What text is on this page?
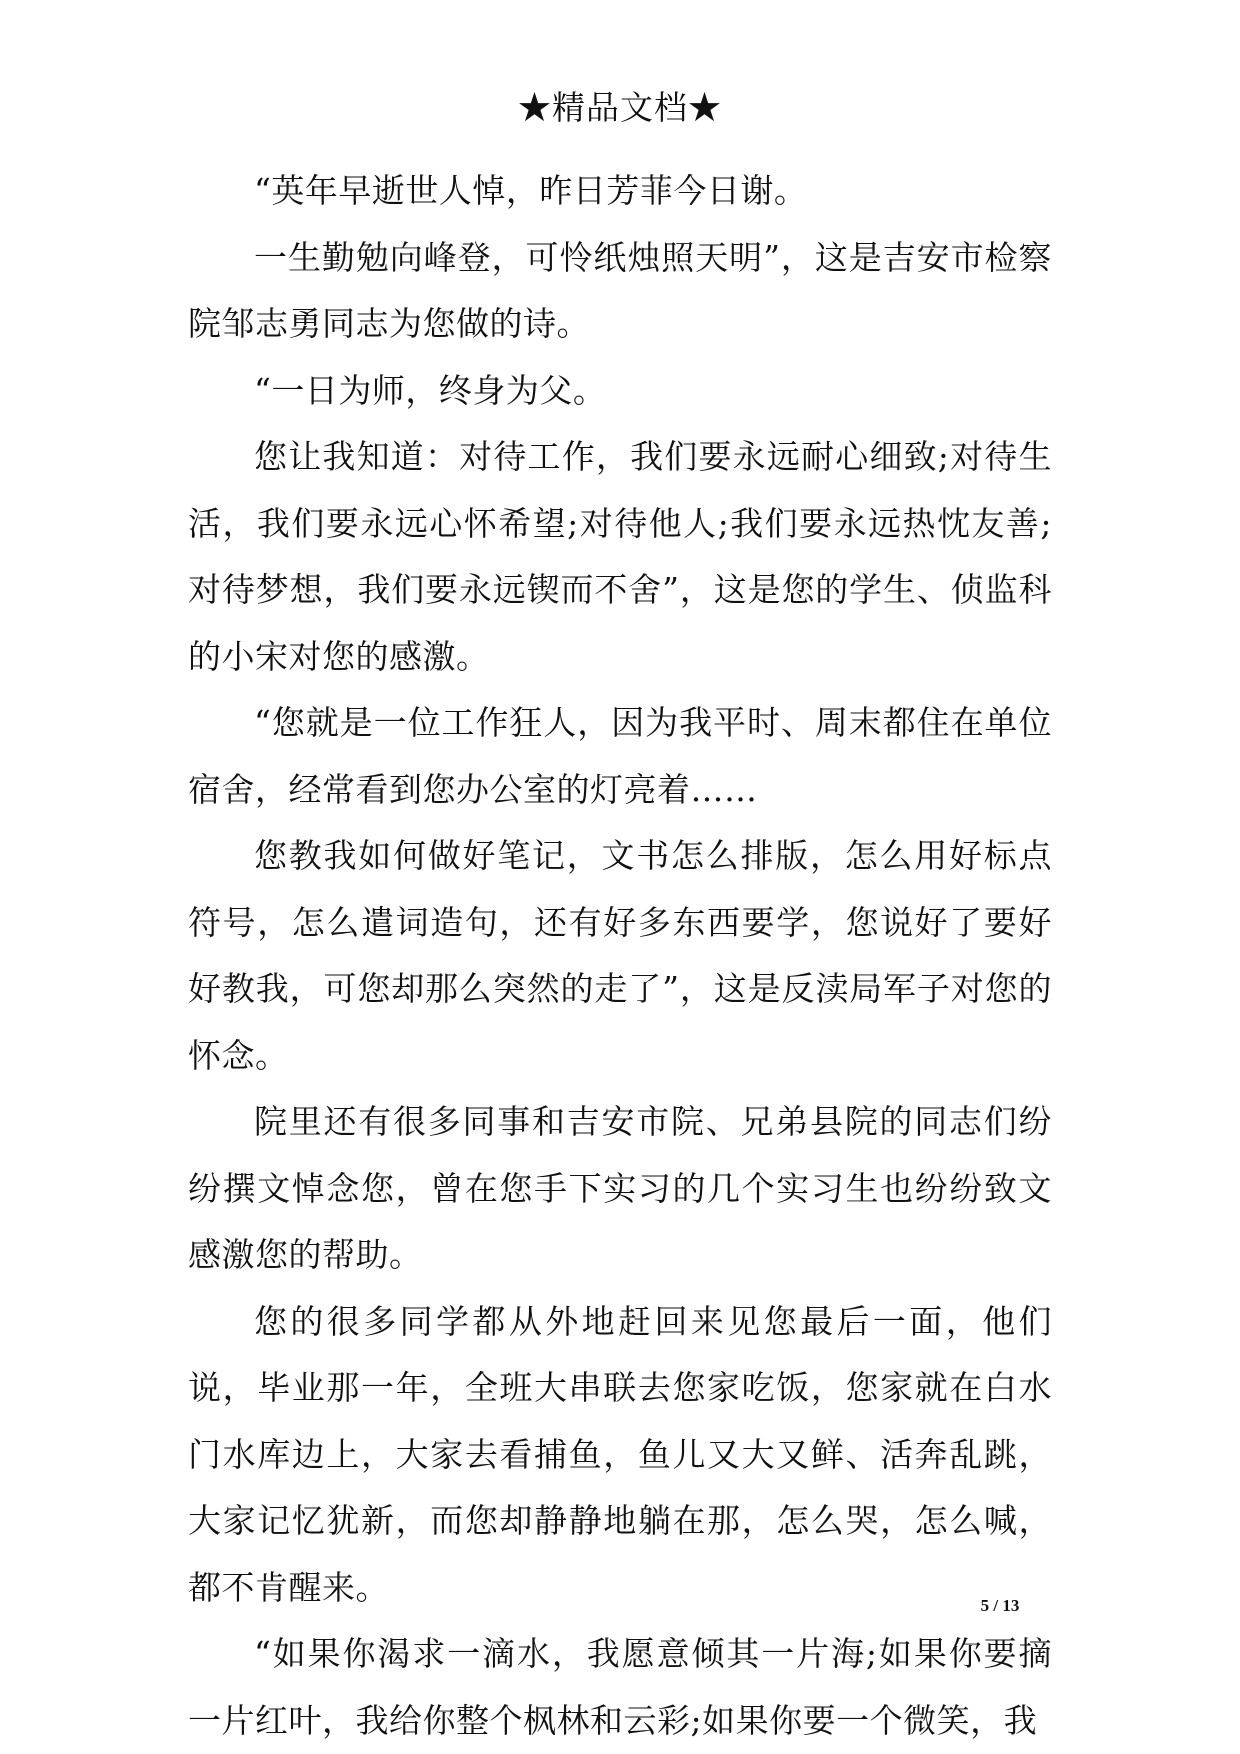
★精品文档★

“英年早逝世人悼，昨日芳菲今日谢。

一生勤勉向峰登，可怜纸烛照天明”，这是吉安市检察院邹志勇同志为您做的诗。

“一日为师，终身为父。

您让我知道：对待工作，我们要永远耐心细致;对待生活，我们要永远心怀希望;对待他人;我们要永远热忱友善;对待梦想，我们要永远锲而不舍”，这是您的学生、侦监科的小宋对您的感激。

“您就是一位工作狂人，因为我平时、周末都住在单位宿舍，经常看到您办公室的灯亮着……

您教我如何做好笔记，文书怎么排版，怎么用好标点符号，怎么遣词造句，还有好多东西要学，您说好了要好好教我，可您却那么突然的走了”，这是反渎局军子对您的怀念。

院里还有很多同事和吉安市院、兄弟县院的同志们纷纷撰文悼念您，曾在您手下实习的几个实习生也纷纷致文感激您的帮助。

您的很多同学都从外地赶回来见您最后一面，他们说，毕业那一年，全班大串联去您家吃饭，您家就在白水门水库边上，大家去看捕鱼，鱼儿又大又鲜、活奔乱跳，大家记忆犹新，而您却静静地躺在那，怎么哭，怎么喊，都不肯醒来。

“如果你渴求一滴水，我愿意倾其一片海;如果你要摘一片红叶，我给你整个枫林和云彩;如果你要一个微笑，我

5 / 13
